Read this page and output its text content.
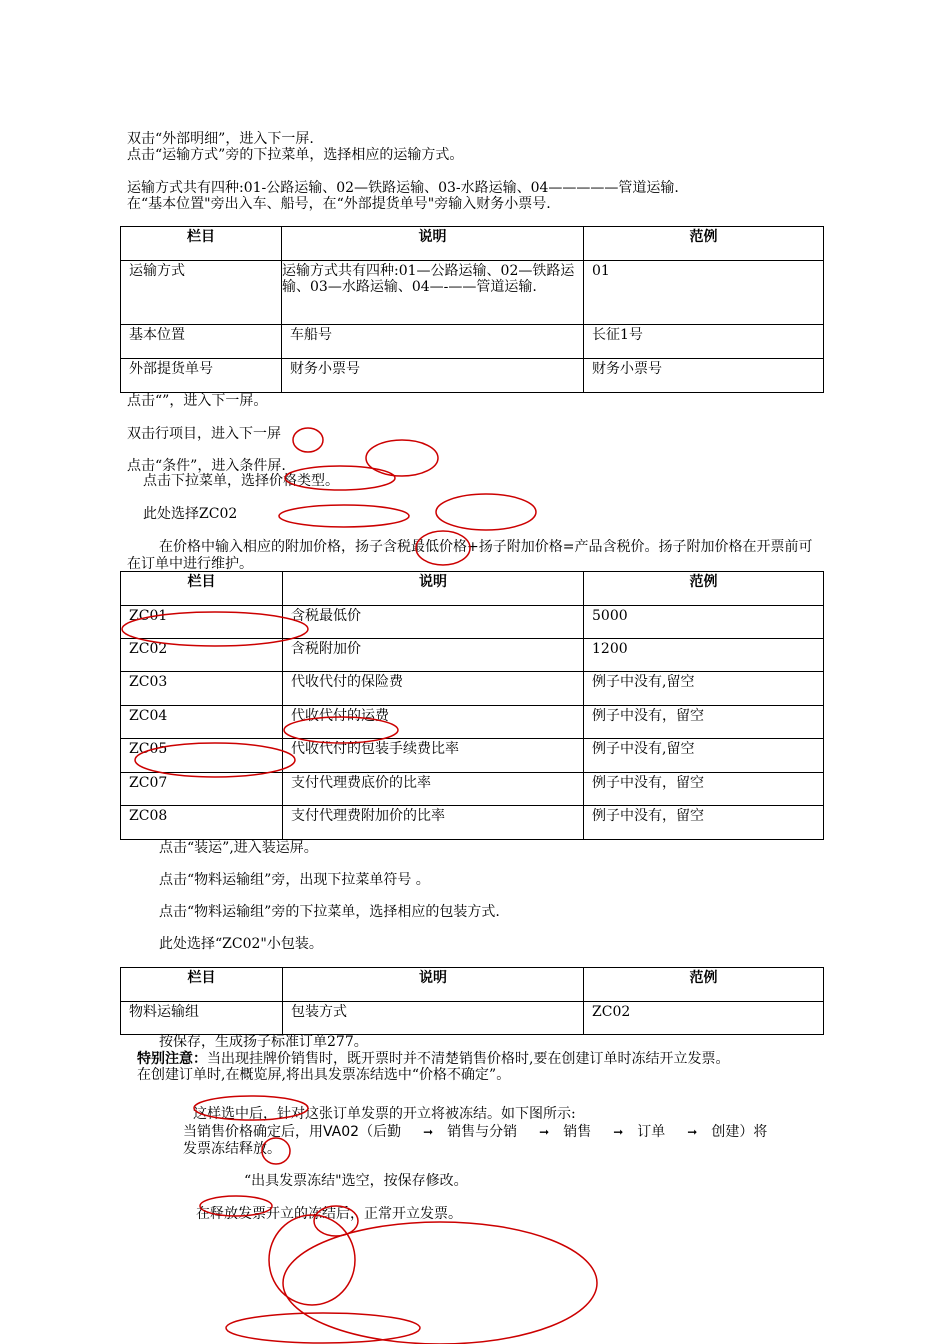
双击“外部明细”，进入下一屏.
点击“运输方式”旁的下拉菜单，选择相应的运输方式。
运输方式共有四种:01-公路运输、02—铁路运输、03-水路运输、04—————管道运输.
在“基本位置"旁出入车、船号，在“外部提货单号"旁输入财务小票号.
栏目	说明	范例
运输方式	运输方式共有四种:01—公路运输、02—铁路运输、03—水路运输、04—-——管道运输.	01
基本位置	车船号	长征1号
外部提货单号	财务小票号	财务小票号
点击“”，进入下一屏。
双击行项目，进入下一屏
点击“条件”，进入条件屏.
点击下拉菜单，选择价格类型。
此处选择ZC02
在价格中输入相应的附加价格，扬子含税最低价格+扬子附加价格=产品含税价。扬子附加价格在开票前可在订单中进行维护。
栏目	说明	范例
ZC01	含税最低价	5000
ZC02	含税附加价	1200
ZC03	代收代付的保险费	例子中没有,留空
ZC04	代收代付的运费	例子中没有，留空
ZC05	代收代付的包装手续费比率	例子中没有,留空
ZC07	支付代理费底价的比率	例子中没有，留空
ZC08	支付代理费附加价的比率	例子中没有，留空
点击“装运”,进入装运屏。
点击“物料运输组”旁，出现下拉菜单符号 。
点击“物料运输组”旁的下拉菜单，选择相应的包装方式.
此处选择“ZC02"小包装。
栏目	说明	范例
物料运输组	包装方式	ZC02
按保存，生成扬子标准订单277。
特别注意：当出现挂牌价销售时，既开票时并不清楚销售价格时,要在创建订单时冻结开立发票。
在创建订单时,在概览屏,将出具发票冻结选中“价格不确定”。
这样选中后，针对这张订单发票的开立将被冻结。如下图所示:
当销售价格确定后，用VA02（后勤 ➞ 销售与分销 ➞ 销售 ➞ 订单 ➞ 创建）将
发票冻结释放。
“出具发票冻结"选空，按保存修改。
在释放发票开立的冻结后，正常开立发票。
